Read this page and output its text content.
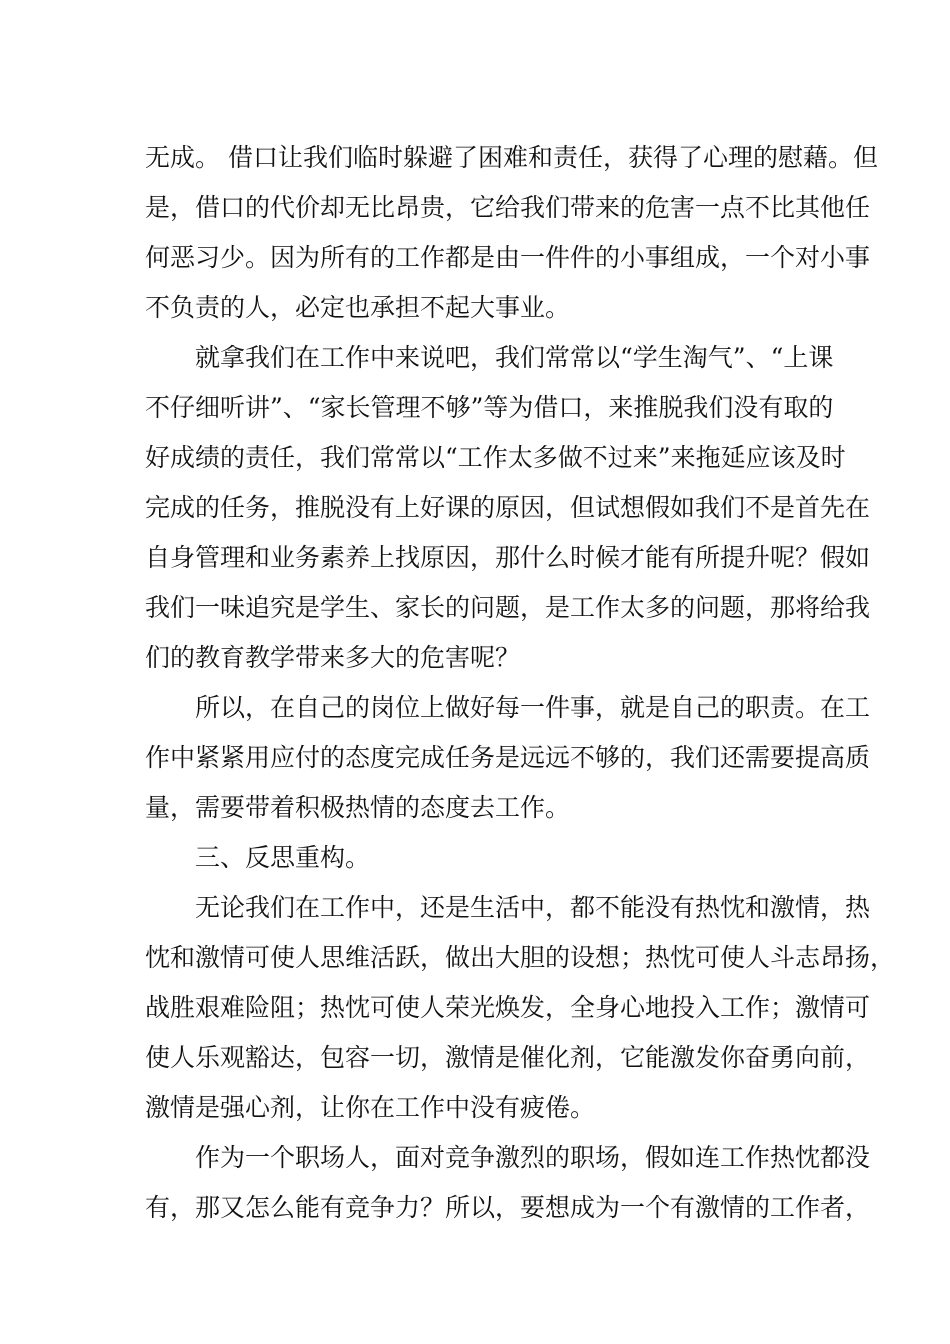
无成。 借口让我们临时躲避了困难和责任，获得了心理的慰藉。但
是，借口的代价却无比昂贵，它给我们带来的危害一点不比其他任
何恶习少。因为所有的工作都是由一件件的小事组成，一个对小事
不负责的人，必定也承担不起大事业。
就拿我们在工作中来说吧，我们常常以“学生淘气”、“上课
不仔细听讲”、“家长管理不够”等为借口，来推脱我们没有取的
好成绩的责任，我们常常以“工作太多做不过来”来拖延应该及时
完成的任务，推脱没有上好课的原因，但试想假如我们不是首先在
自身管理和业务素养上找原因，那什么时候才能有所提升呢？假如
我们一味追究是学生、家长的问题，是工作太多的问题，那将给我
们的教育教学带来多大的危害呢？
所以，在自己的岗位上做好每一件事，就是自己的职责。在工
作中紧紧用应付的态度完成任务是远远不够的，我们还需要提高质
量，需要带着积极热情的态度去工作。
三、反思重构。
无论我们在工作中，还是生活中，都不能没有热忱和激情，热
忱和激情可使人思维活跃，做出大胆的设想；热忱可使人斗志昂扬，
战胜艰难险阻；热忱可使人荣光焕发，全身心地投入工作；激情可
使人乐观豁达，包容一切，激情是催化剂，它能激发你奋勇向前，
激情是强心剂，让你在工作中没有疲倦。
作为一个职场人，面对竞争激烈的职场，假如连工作热忱都没
有，那又怎么能有竞争力？所以，要想成为一个有激情的工作者，
